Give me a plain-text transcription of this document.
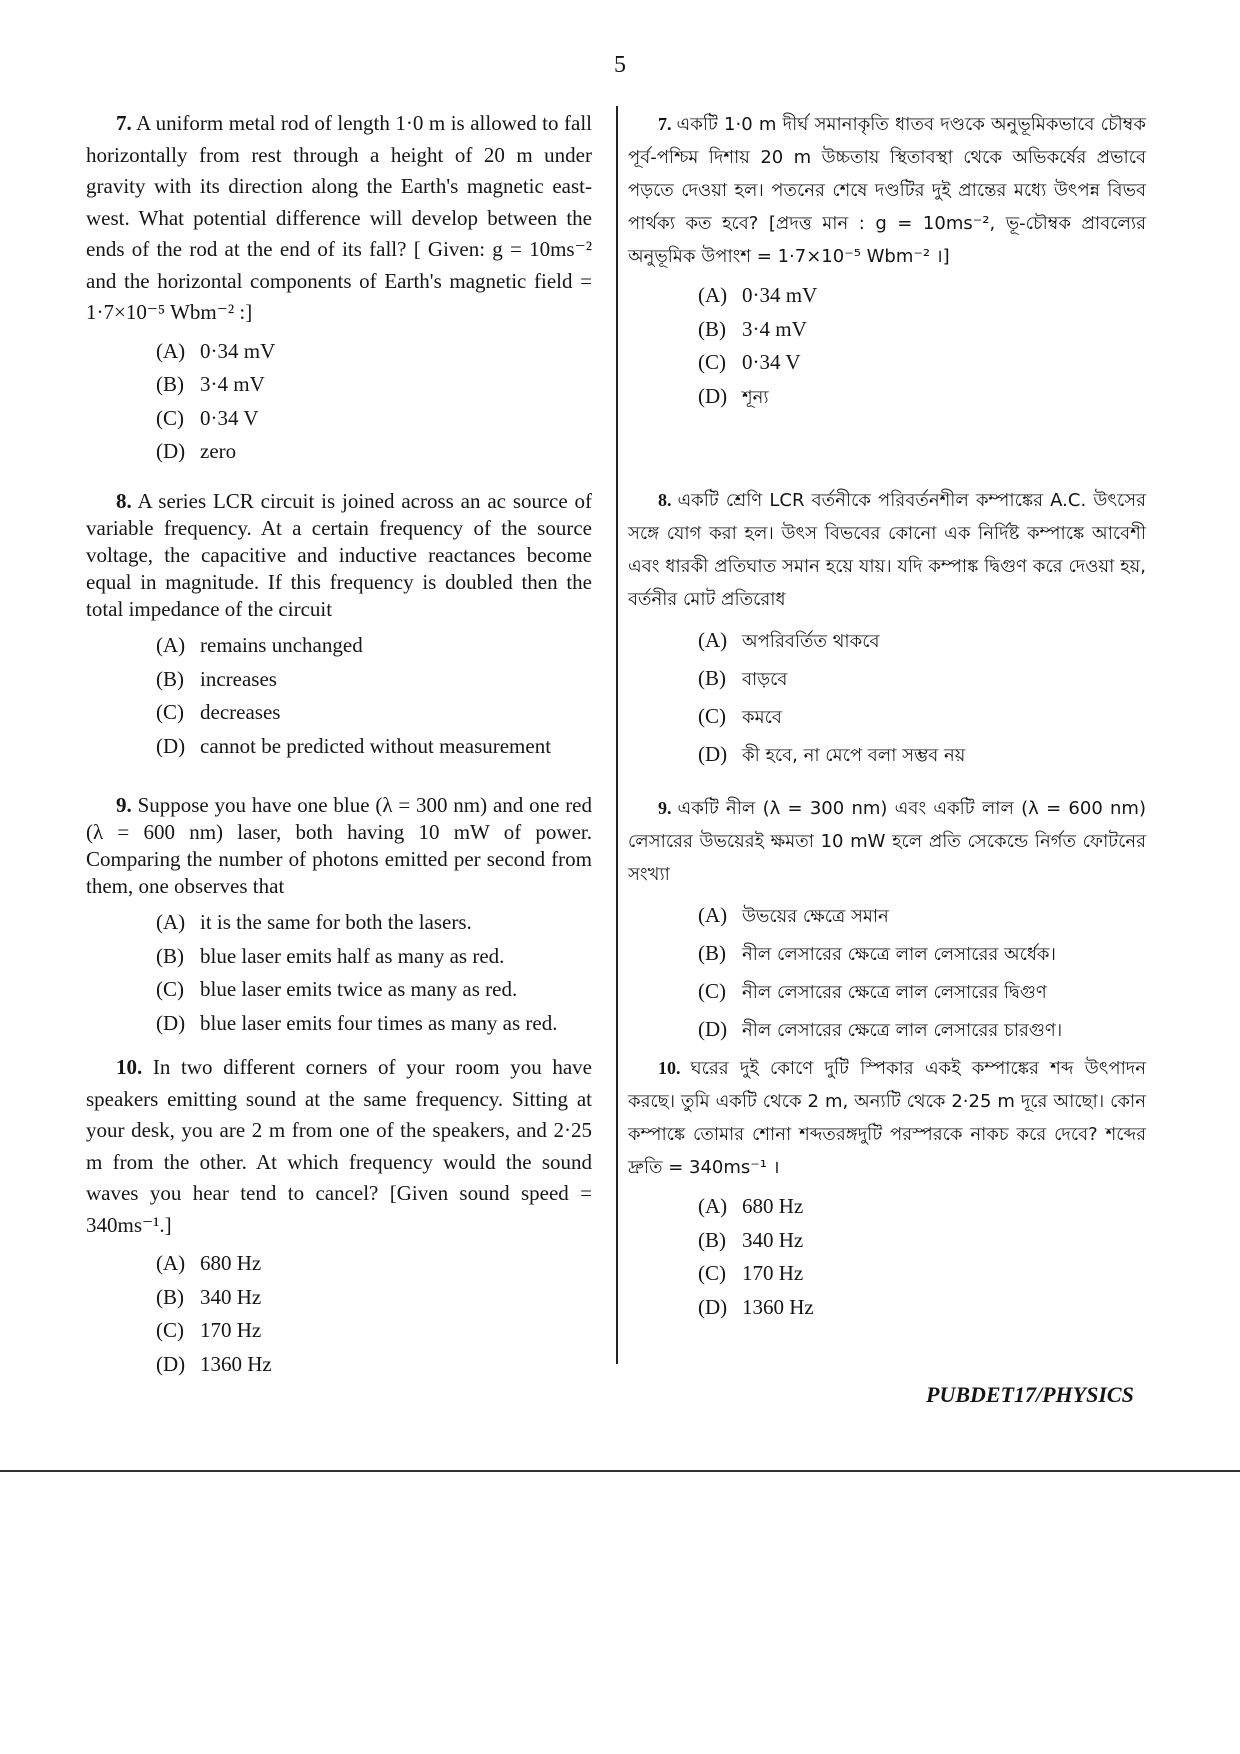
5

7. A uniform metal rod of length 1·0 m is allowed to fall horizontally from rest through a height of 20 m under gravity with its direction along the Earth's magnetic east-west. What potential difference will develop between the ends of the rod at the end of its fall? [ Given: g = 10ms⁻² and the horizontal components of Earth's magnetic field = 1·7×10⁻⁵ Wbm⁻² :]

(A) 0·34 mV
(B) 3·4 mV
(C) 0·34 V
(D) zero

8. A series LCR circuit is joined across an ac source of variable frequency. At a certain frequency of the source voltage, the capacitive and inductive reactances become equal in magnitude. If this frequency is doubled then the total impedance of the circuit

(A) remains unchanged
(B) increases
(C) decreases
(D) cannot be predicted without measurement

9. Suppose you have one blue (λ = 300 nm) and one red (λ = 600 nm) laser, both having 10 mW of power. Comparing the number of photons emitted per second from them, one observes that

(A) it is the same for both the lasers.
(B) blue laser emits half as many as red.
(C) blue laser emits twice as many as red.
(D) blue laser emits four times as many as red.

10. In two different corners of your room you have speakers emitting sound at the same frequency. Sitting at your desk, you are 2 m from one of the speakers, and 2·25 m from the other. At which frequency would the sound waves you hear tend to cancel? [Given sound speed = 340ms⁻¹.]

(A) 680 Hz
(B) 340 Hz
(C) 170 Hz
(D) 1360 Hz

7. একটি 1·0 m দীর্ঘ সমানাকৃতি ধাতব দণ্ডকে অনুভূমিকভাবে চৌম্বক পূর্ব-পশ্চিম দিশায় 20 m উচ্চতায় স্থিতাবস্থা থেকে অভিকর্ষের প্রভাবে পড়তে দেওয়া হল। পতনের শেষে দণ্ডটির দুই প্রান্তের মধ্যে উৎপন্ন বিভব পার্থক্য কত হবে? [প্রদত্ত মান : g = 10ms⁻², ভূ-চৌম্বক প্রাবল্যের অনুভূমিক উপাংশ = 1·7×10⁻⁵ Wbm⁻² ।]

(A) 0·34 mV
(B) 3·4 mV
(C) 0·34 V
(D) শূন্য

8. একটি শ্রেণি LCR বর্তনীকে পরিবর্তনশীল কম্পাঙ্কের A.C. উৎসের সঙ্গে যোগ করা হল। উৎস বিভবের কোনো এক নির্দিষ্ট কম্পাঙ্কে আবেশী এবং ধারকী প্রতিঘাত সমান হয়ে যায়। যদি কম্পাঙ্ক দ্বিগুণ করে দেওয়া হয়, বর্তনীর মোট প্রতিরোধ

(A) অপরিবর্তিত থাকবে
(B) বাড়বে
(C) কমবে
(D) কী হবে, না মেপে বলা সম্ভব নয়

9. একটি নীল (λ = 300 nm) এবং একটি লাল (λ = 600 nm) লেসারের উভয়েরই ক্ষমতা 10 mW হলে প্রতি সেকেন্ডে নির্গত ফোটনের সংখ্যা

(A) উভয়ের ক্ষেত্রে সমান
(B) নীল লেসারের ক্ষেত্রে লাল লেসারের অর্ধেক।
(C) নীল লেসারের ক্ষেত্রে লাল লেসারের দ্বিগুণ
(D) নীল লেসারের ক্ষেত্রে লাল লেসারের চারগুণ।

10. ঘরের দুই কোণে দুটি স্পিকার একই কম্পাঙ্কের শব্দ উৎপাদন করছে। তুমি একটি থেকে 2 m, অন্যটি থেকে 2·25 m দূরে আছো। কোন কম্পাঙ্কে তোমার শোনা শব্দতরঙ্গদুটি পরস্পরকে নাকচ করে দেবে? শব্দের দ্রুতি = 340ms⁻¹ ।

(A) 680 Hz
(B) 340 Hz
(C) 170 Hz
(D) 1360 Hz
PUBDET17/PHYSICS
